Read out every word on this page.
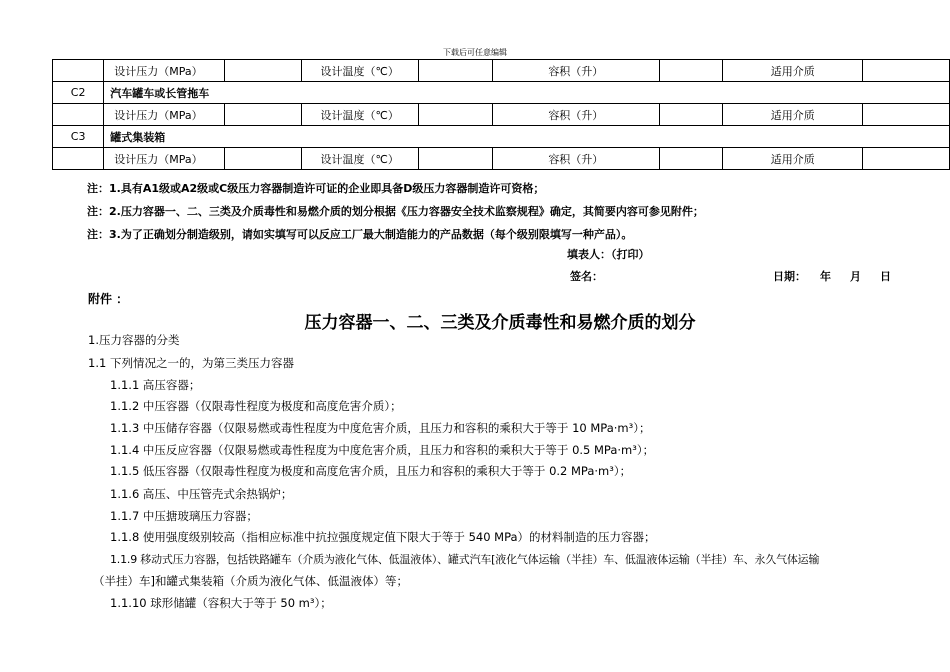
下载后可任意编辑
	设计压力（MPa）		设计温度（℃）		容积（升）		适用介质	
C2	汽车罐车或长管拖车							
	设计压力（MPa）		设计温度（℃）		容积（升）		适用介质	
C3	罐式集装箱							
	设计压力（MPa）		设计温度（℃）		容积（升）		适用介质	
注：1.具有A1级或A2级或C级压力容器制造许可证的企业即具备D级压力容器制造许可资格；
注：2.压力容器一、二、三类及介质毒性和易燃介质的划分根据《压力容器安全技术监察规程》确定，其简要内容可参见附件；
注：3.为了正确划分制造级别，请如实填写可以反应工厂最大制造能力的产品数据（每个级别限填写一种产品）。
填表人：（打印）
签名：	日期： 年 月 日
附件 ：
压力容器一、二、三类及介质毒性和易燃介质的划分
1.压力容器的分类
1.1 下列情况之一的，为第三类压力容器
1.1.1 高压容器；
1.1.2 中压容器（仅限毒性程度为极度和高度危害介质）；
1.1.3 中压储存容器（仅限易燃或毒性程度为中度危害介质，且压力和容积的乘积大于等于 10 MPa·m³）；
1.1.4 中压反应容器（仅限易燃或毒性程度为中度危害介质，且压力和容积的乘积大于等于 0.5 MPa·m³）；
1.1.5 低压容器（仅限毒性程度为极度和高度危害介质，且压力和容积的乘积大于等于 0.2 MPa·m³）；
1.1.6 高压、中压管壳式余热锅炉；
1.1.7 中压搪玻璃压力容器；
1.1.8 使用强度级别较高（指相应标准中抗拉强度规定值下限大于等于 540 MPa）的材料制造的压力容器；
1.1.9 移动式压力容器，包括铁路罐车（介质为液化气体、低温液体）、罐式汽车[液化气体运输（半挂）车、低温液体运输（半挂）车、永久气体运输
（半挂）车]和罐式集装箱（介质为液化气体、低温液体）等；
1.1.10 球形储罐（容积大于等于 50 m³）；
